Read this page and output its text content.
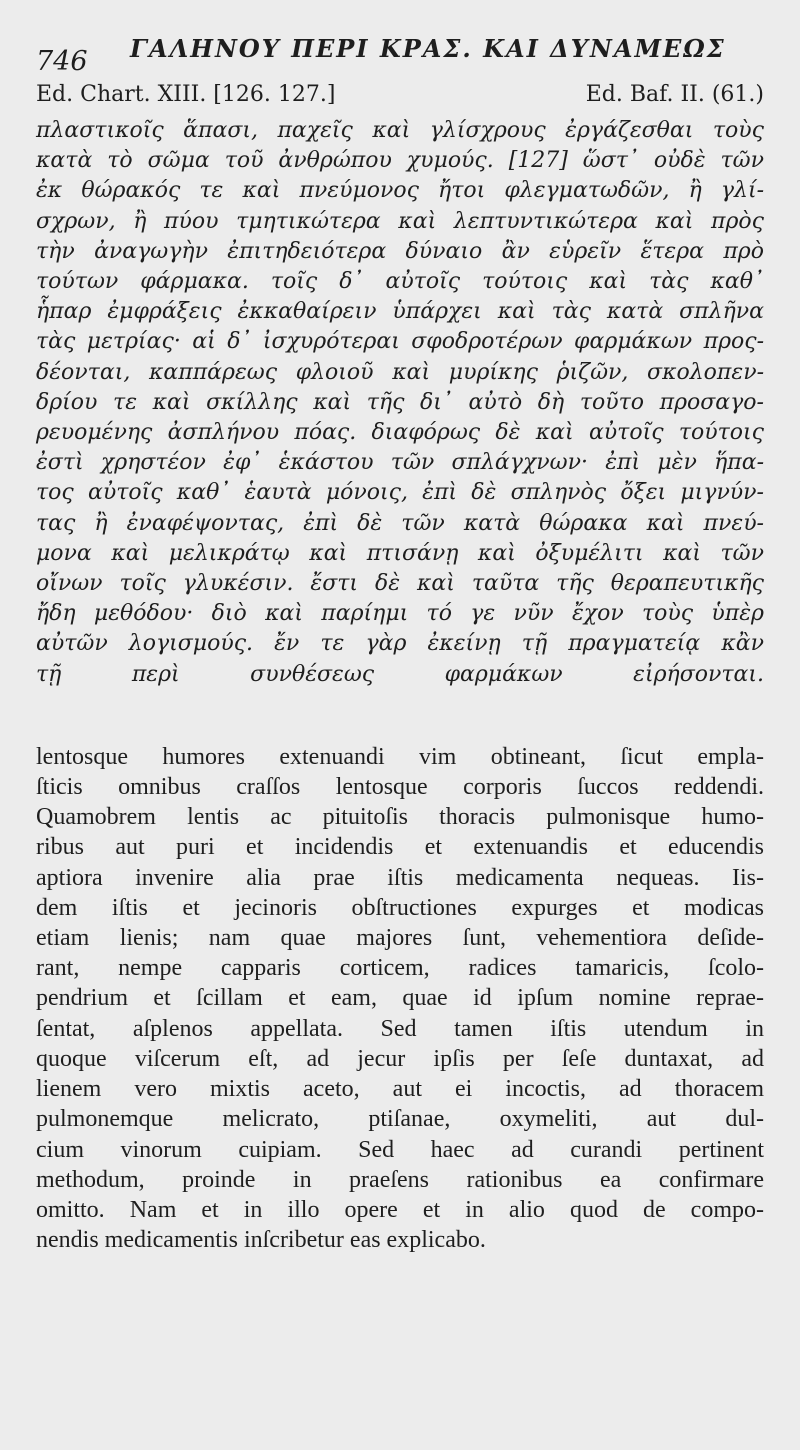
746 ΓΑΛΗΝΟΥ ΠΕΡΙ ΚΡΑΣ. ΚΑΙ ΔΥΝΑΜΕΩΣ
Ed. Chart. XIII. [126. 127.]	Ed. Baf. II. (61.)
πλαστικοῖς ἅπασι, παχεῖς καὶ γλίσχρους ἐργάζεσθαι τοὺς
κατὰ τὸ σῶμα τοῦ ἀνθρώπου χυμούς. [127] ὥστ᾽ οὐδὲ τῶν
ἐκ θώρακός τε καὶ πνεύμονος ἤτοι φλεγματωδῶν, ἢ γλί-
σχρων, ἢ πύου τμητικώτερα καὶ λεπτυντικώτερα καὶ πρὸς
τὴν ἀναγωγὴν ἐπιτηδειότερα δύναιο ἂν εὑρεῖν ἕτερα πρὸ
τούτων φάρμακα. τοῖς δ᾽ αὐτοῖς τούτοις καὶ τὰς καθ᾽
ἧπαρ ἐμφράξεις ἐκκαθαίρειν ὑπάρχει καὶ τὰς κατὰ σπλῆνα
τὰς μετρίας· αἱ δ᾽ ἰσχυρότεραι σφοδροτέρων φαρμάκων προς-
δέονται, καππάρεως φλοιοῦ καὶ μυρίκης ῥιζῶν, σκολοπεν-
δρίου τε καὶ σκίλλης καὶ τῆς δι᾽ αὐτὸ δὴ τοῦτο προσαγο-
ρευομένης ἀσπλήνου πόας. διαφόρως δὲ καὶ αὐτοῖς τούτοις
ἐστὶ χρηστέον ἐφ᾽ ἑκάστου τῶν σπλάγχνων· ἐπὶ μὲν ἥπα-
τος αὐτοῖς καθ᾽ ἑαυτὰ μόνοις, ἐπὶ δὲ σπληνὸς ὄξει μιγνύν-
τας ἢ ἐναφέψοντας, ἐπὶ δὲ τῶν κατὰ θώρακα καὶ πνεύ-
μονα καὶ μελικράτῳ καὶ πτισάνῃ καὶ ὀξυμέλιτι καὶ τῶν
οἴνων τοῖς γλυκέσιν. ἔστι δὲ καὶ ταῦτα τῆς θεραπευτικῆς
ἤδη μεθόδου· διὸ καὶ παρίημι τό γε νῦν ἔχον τοὺς ὑπὲρ
αὐτῶν λογισμούς. ἔν τε γὰρ ἐκείνῃ τῇ πραγματείᾳ κἂν
τῇ περὶ συνθέσεως φαρμάκων εἰρήσονται.
lentosque humores extenuandi vim obtineant, ſicut empla-
ſticis omnibus craſſos lentosque corporis ſuccos reddendi.
Quamobrem lentis ac pituitoſis thoracis pulmonisque humo-
ribus aut puri et incidendis et extenuandis et educendis
aptiora invenire alia prae iſtis medicamenta nequeas. Iis-
dem iſtis et jecinoris obſtructiones expurges et modicas
etiam lienis; nam quae majores ſunt, vehementiora deſide-
rant, nempe capparis corticem, radices tamaricis, ſcolo-
pendrium et ſcillam et eam, quae id ipſum nomine repraе-
ſentat, aſplenos appellata. Sed tamen iſtis utendum in
quoque viſcerum eſt, ad jecur ipſis per ſeſe duntaxat, ad
lienem vero mixtis aceto, aut ei incoctis, ad thoracem
pulmonemque melicrato, ptiſanae, oxymeliti, aut dul-
cium vinorum cuipiam. Sed haec ad curandi pertinent
methodum, proinde in praeſens rationibus ea confirmare
omitto. Nam et in illo opere et in alio quod de compo-
nendis medicamentis inſcribetur eas explicabo.
